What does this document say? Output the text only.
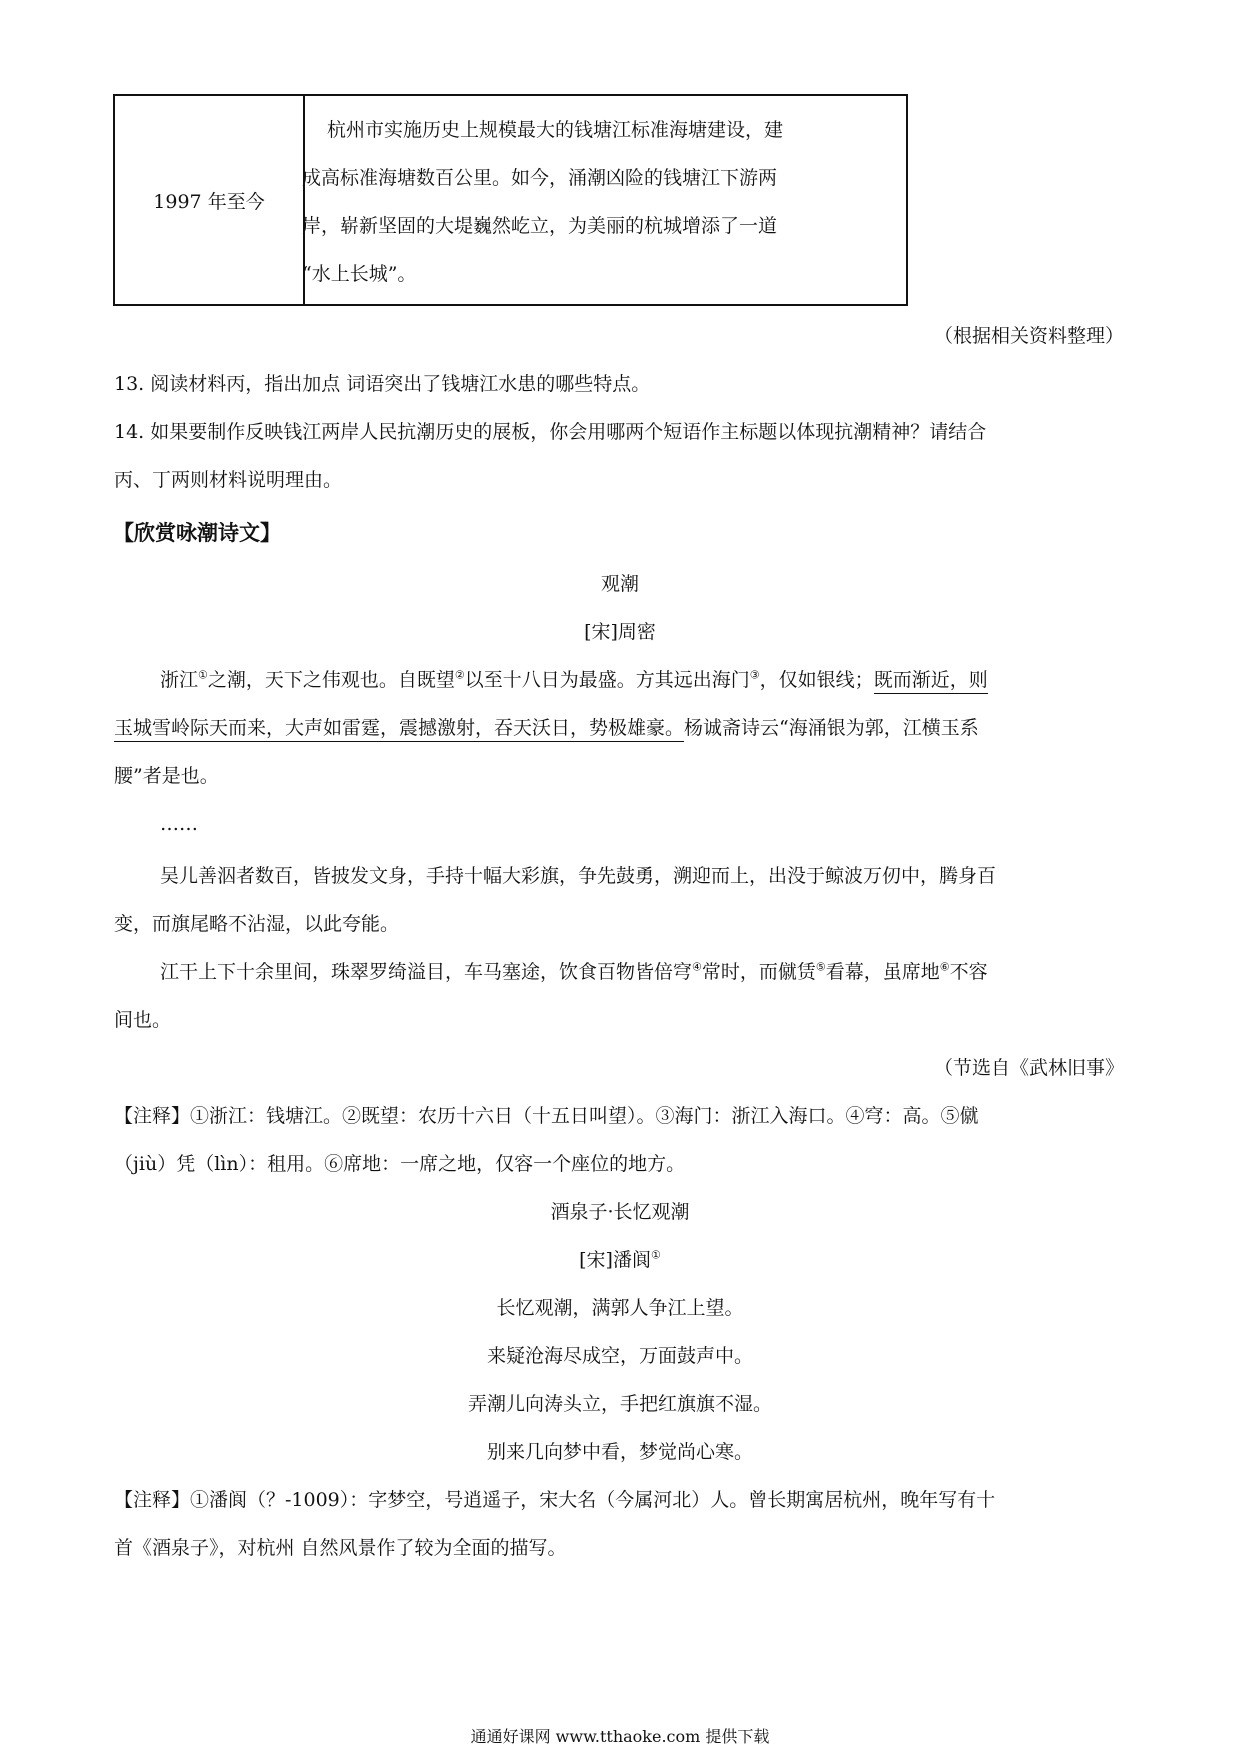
1997 年至今	
杭州市实施历史上规模最大的钱塘江标准海塘建设，建
成高标准海塘数百公里。如今，涌潮凶险的钱塘江下游两
岸，崭新坚固的大堤巍然屹立，为美丽的杭城增添了一道
“水上长城”。
（根据相关资料整理）
13. 阅读材料丙，指出加点 词语突出了钱塘江水患的哪些特点。
14. 如果要制作反映钱江两岸人民抗潮历史的展板，你会用哪两个短语作主标题以体现抗潮精神？请结合
丙、丁两则材料说明理由。
【欣赏咏潮诗文】
观潮
[宋]周密
浙江①之潮，天下之伟观也。自既望②以至十八日为最盛。方其远出海门③，仅如银线；既而渐近，则
玉城雪岭际天而来，大声如雷霆，震撼激射，吞天沃日，势极雄豪。杨诚斋诗云“海涌银为郭，江横玉系
腰”者是也。
……
吴儿善泅者数百，皆披发文身，手持十幅大彩旗，争先鼓勇，溯迎而上，出没于鲸波万仞中，腾身百
变，而旗尾略不沾湿，以此夸能。
江干上下十余里间，珠翠罗绮溢目，车马塞途，饮食百物皆倍穹④常时，而僦赁⑤看幕，虽席地⑥不容
间也。
（节选自《武林旧事》
【注释】①浙江：钱塘江。②既望：农历十六日（十五日叫望）。③海门：浙江入海口。④穹：高。⑤僦
（jiù）凭（lìn）：租用。⑥席地：一席之地，仅容一个座位的地方。
酒泉子·长忆观潮
[宋]潘阆①
长忆观潮，满郭人争江上望。
来疑沧海尽成空，万面鼓声中。
弄潮儿向涛头立，手把红旗旗不湿。
别来几向梦中看，梦觉尚心寒。
【注释】①潘阆（？-1009）：字梦空，号逍遥子，宋大名（今属河北）人。曾长期寓居杭州，晚年写有十
首《酒泉子》，对杭州 自然风景作了较为全面的描写。
通通好课网 www.tthaoke.com 提供下载
